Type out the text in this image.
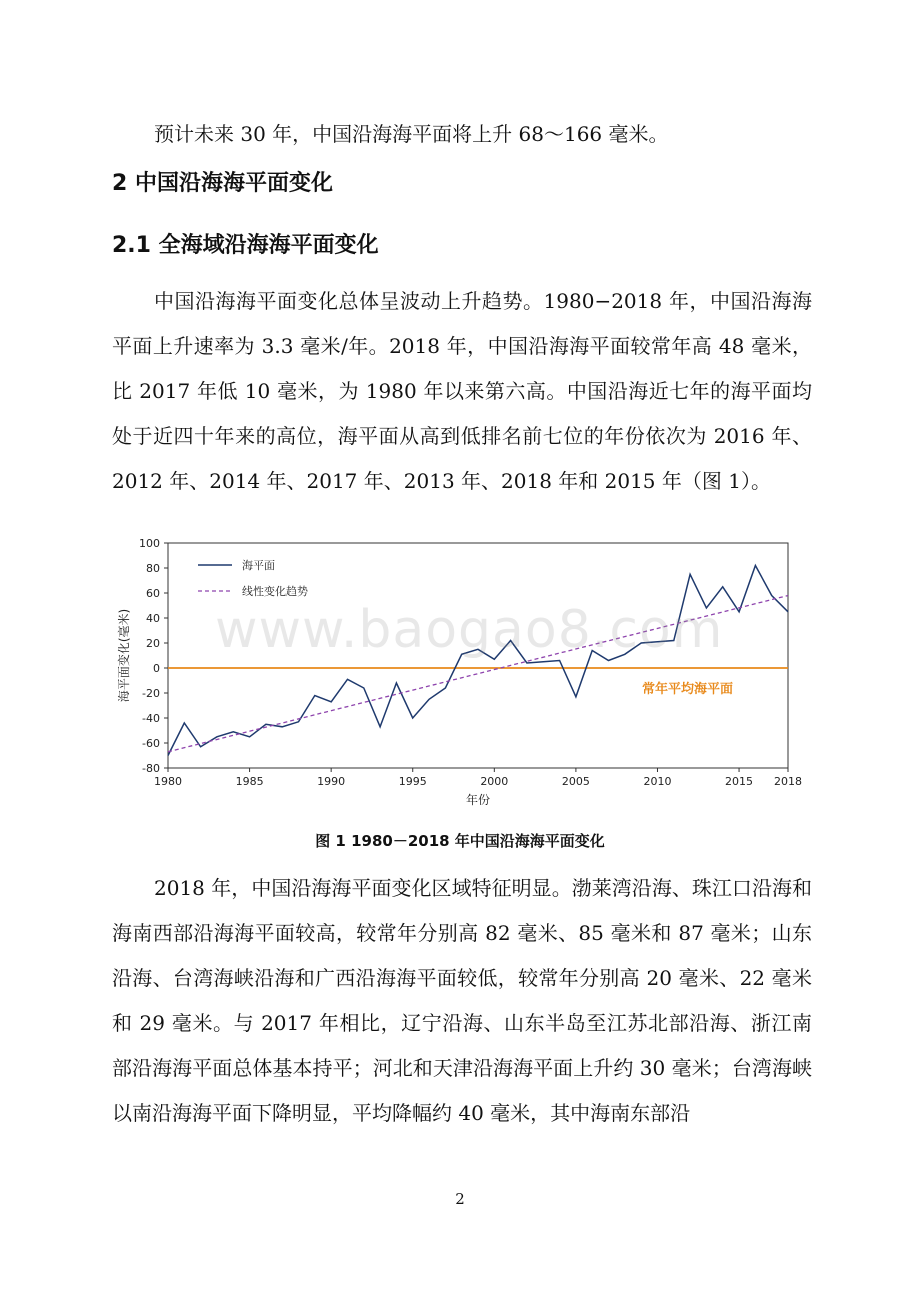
预计未来 30 年，中国沿海海平面将上升 68～166 毫米。

2 中国沿海海平面变化
2.1 全海域沿海海平面变化

中国沿海海平面变化总体呈波动上升趋势。1980−2018 年，中国沿海海平面上升速率为 3.3 毫米/年。2018 年，中国沿海海平面较常年高 48 毫米，比 2017 年低 10 毫米，为 1980 年以来第六高。中国沿海近七年的海平面均处于近四十年来的高位，海平面从高到低排名前七位的年份依次为 2016 年、2012 年、2014 年、2017 年、2013 年、2018 年和 2015 年（图 1）。

-80
-60
-40
-20
0
20
40
60
80
100
1980	1985	1990	1995	2000	2005	2010	2015 2018
年份
海平面变化(毫米)	常年平均海平面
海平面
线性变化趋势
www.baogao8.com
图 1 1980－2018 年中国沿海海平面变化

2018 年，中国沿海海平面变化区域特征明显。渤莱湾沿海、珠江口沿海和海南西部沿海海平面较高，较常年分别高 82 毫米、85 毫米和 87 毫米；山东沿海、台湾海峡沿海和广西沿海海平面较低，较常年分别高 20 毫米、22 毫米和 29 毫米。与 2017 年相比，辽宁沿海、山东半岛至江苏北部沿海、浙江南部沿海海平面总体基本持平；河北和天津沿海海平面上升约 30 毫米；台湾海峡以南沿海海平面下降明显，平均降幅约 40 毫米，其中海南东部沿

2
